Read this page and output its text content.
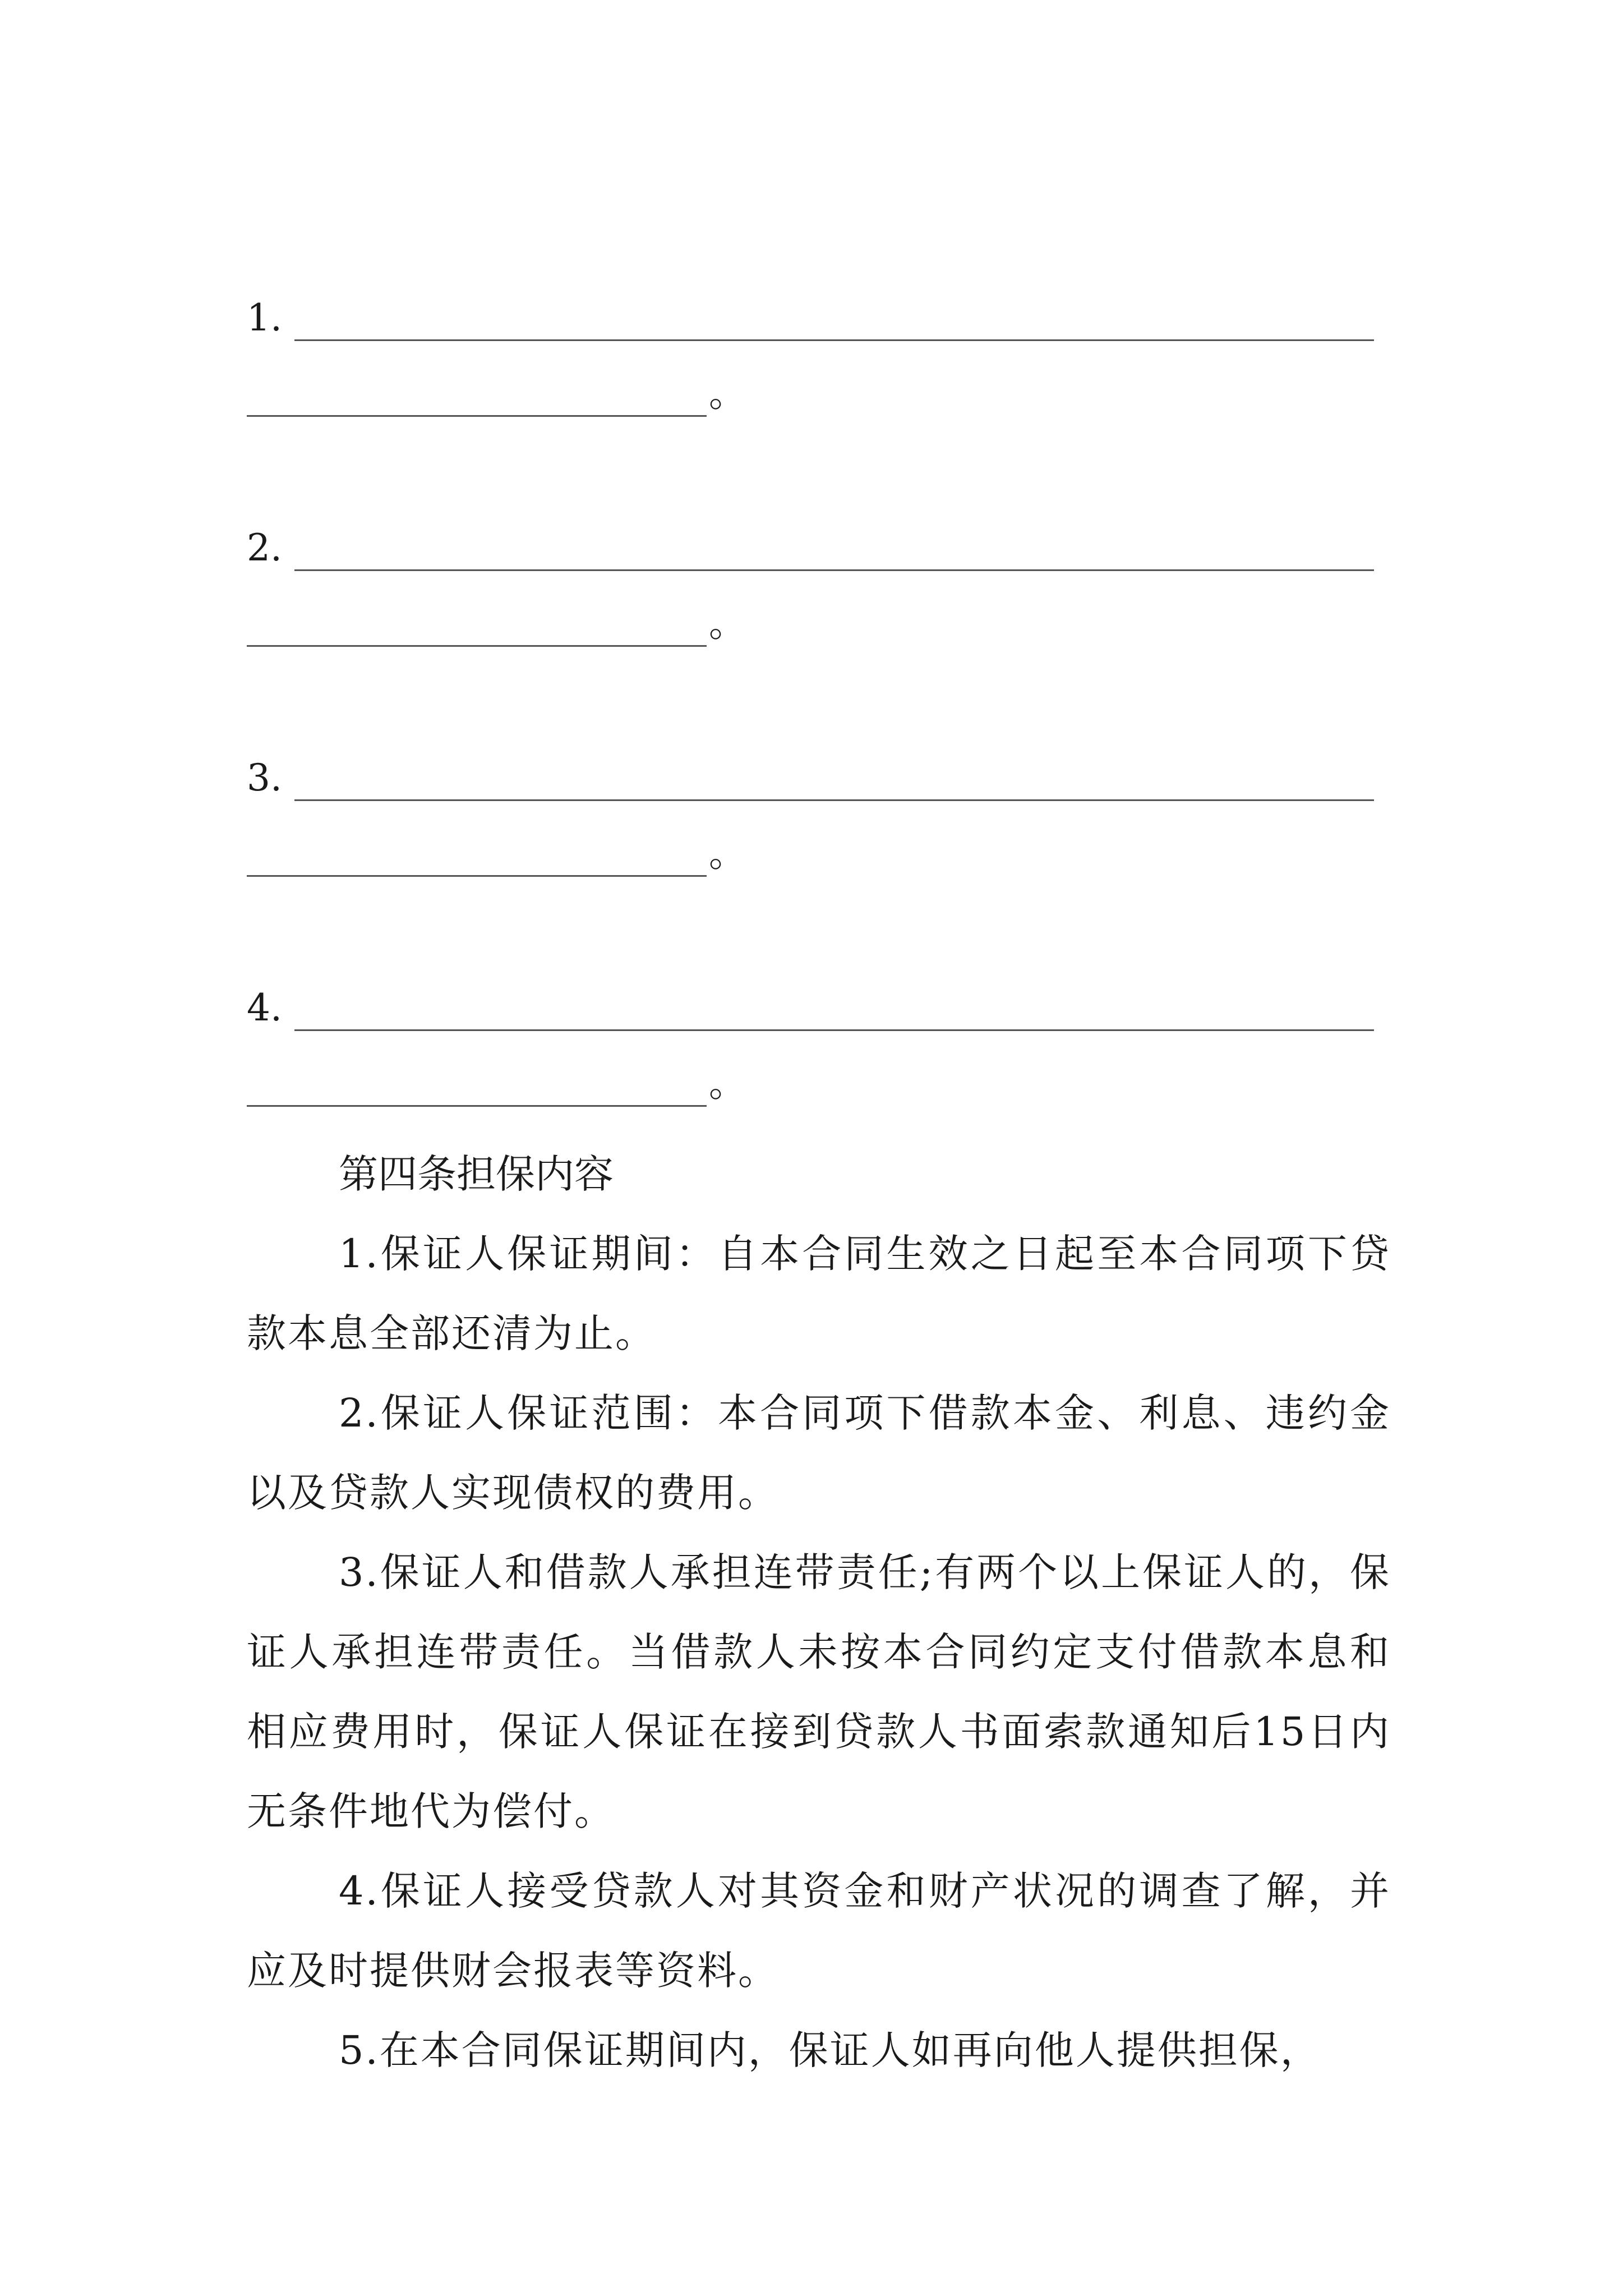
1.
。
2.
。
3.
。
4.
。
第四条担保内容

1.保证人保证期间：自本合同生效之日起至本合同项下贷款本息全部还清为止。

2.保证人保证范围：本合同项下借款本金、利息、违约金以及贷款人实现债权的费用。

3.保证人和借款人承担连带责任;有两个以上保证人的，保证人承担连带责任。当借款人未按本合同约定支付借款本息和相应费用时，保证人保证在接到贷款人书面索款通知后15日内无条件地代为偿付。

4.保证人接受贷款人对其资金和财产状况的调查了解，并应及时提供财会报表等资料。

5.在本合同保证期间内，保证人如再向他人提供担保，
